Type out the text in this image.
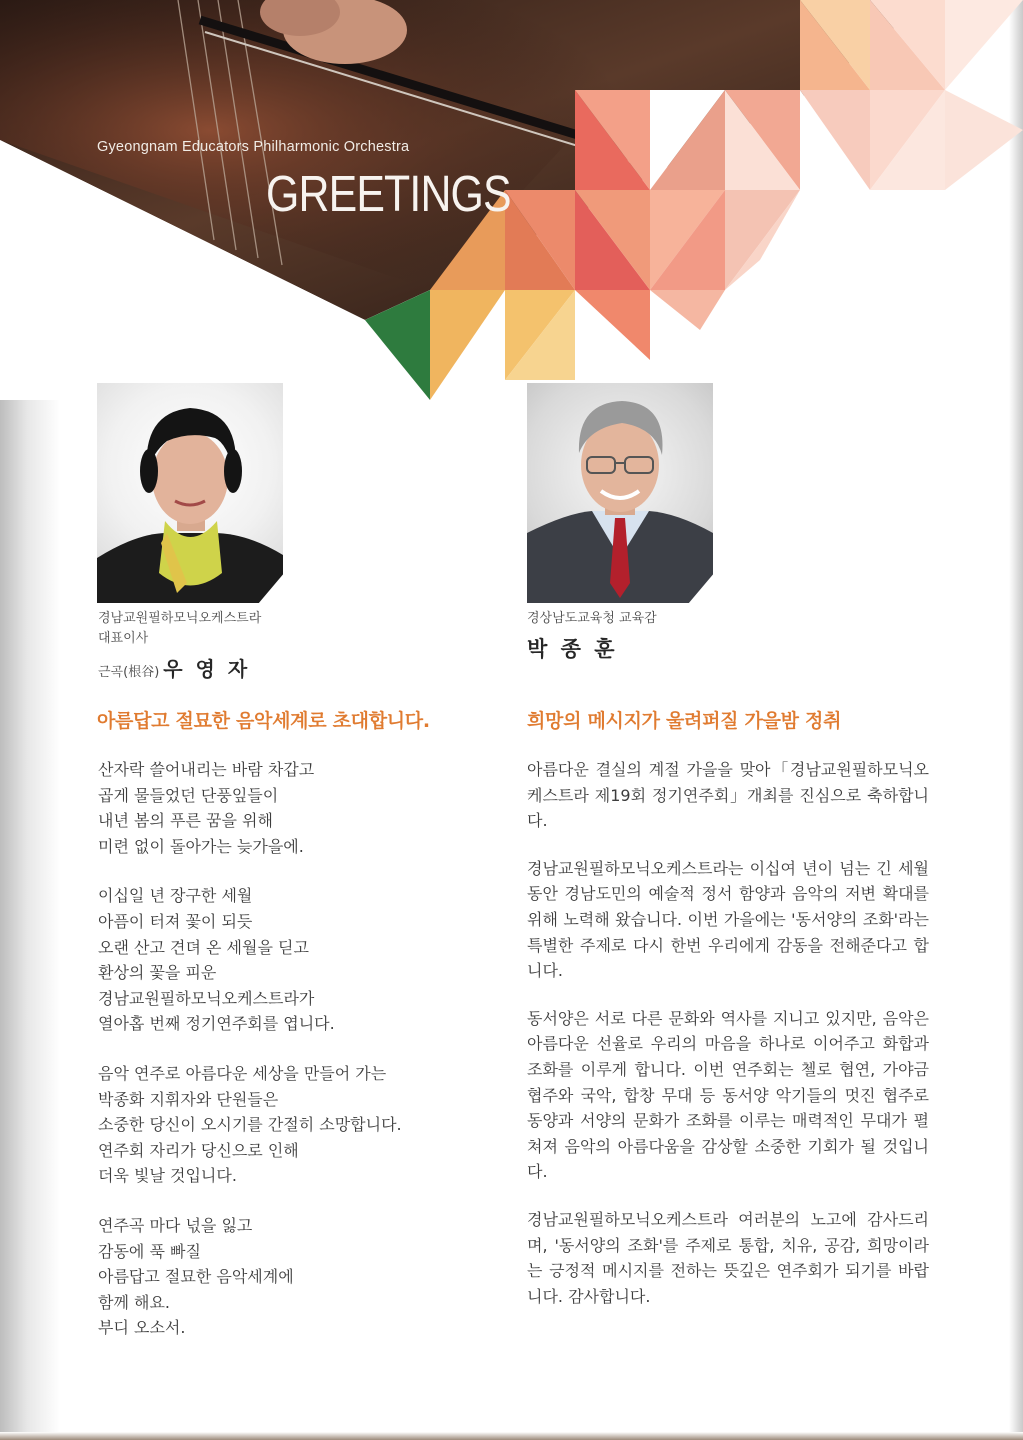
Gyeongnam Educators Philharmonic Orchestra
GREETINGS
경남교원필하모닉오케스트라
대표이사
근곡(根谷) 우 영 자
경상남도교육청 교육감
박 종 훈
아름답고 절묘한 음악세계로 초대합니다.	희망의 메시지가 울려퍼질 가을밤 정취

산자락 쓸어내리는 바람 차갑고

곱게 물들었던 단풍잎들이

내년 봄의 푸른 꿈을 위해

미련 없이 돌아가는 늦가을에.

이십일 년 장구한 세월

아픔이 터져 꽃이 되듯

오랜 산고 견뎌 온 세월을 딛고

환상의 꽃을 피운

경남교원필하모닉오케스트라가

열아홉 번째 정기연주회를 엽니다.

음악 연주로 아름다운 세상을 만들어 가는

박종화 지휘자와 단원들은

소중한 당신이 오시기를 간절히 소망합니다.

연주회 자리가 당신으로 인해

더욱 빛날 것입니다.

연주곡 마다 넋을 잃고

감동에 푹 빠질

아름답고 절묘한 음악세계에

함께 해요.

부디 오소서.

아름다운 결실의 계절 가을을 맞아「경남교원필하모닉오케스트라 제19회 정기연주회」개최를 진심으로 축하합니다.

경남교원필하모닉오케스트라는 이십여 년이 넘는 긴 세월 동안 경남도민의 예술적 정서 함양과 음악의 저변 확대를 위해 노력해 왔습니다. 이번 가을에는 '동서양의 조화'라는 특별한 주제로 다시 한번 우리에게 감동을 전해준다고 합니다.

동서양은 서로 다른 문화와 역사를 지니고 있지만, 음악은 아름다운 선율로 우리의 마음을 하나로 이어주고 화합과 조화를 이루게 합니다. 이번 연주회는 첼로 협연, 가야금 협주와 국악, 합창 무대 등 동서양 악기들의 멋진 협주로 동양과 서양의 문화가 조화를 이루는 매력적인 무대가 펼쳐져 음악의 아름다움을 감상할 소중한 기회가 될 것입니다.

경남교원필하모닉오케스트라 여러분의 노고에 감사드리며, '동서양의 조화'를 주제로 통합, 치유, 공감, 희망이라는 긍정적 메시지를 전하는 뜻깊은 연주회가 되기를 바랍니다. 감사합니다.
